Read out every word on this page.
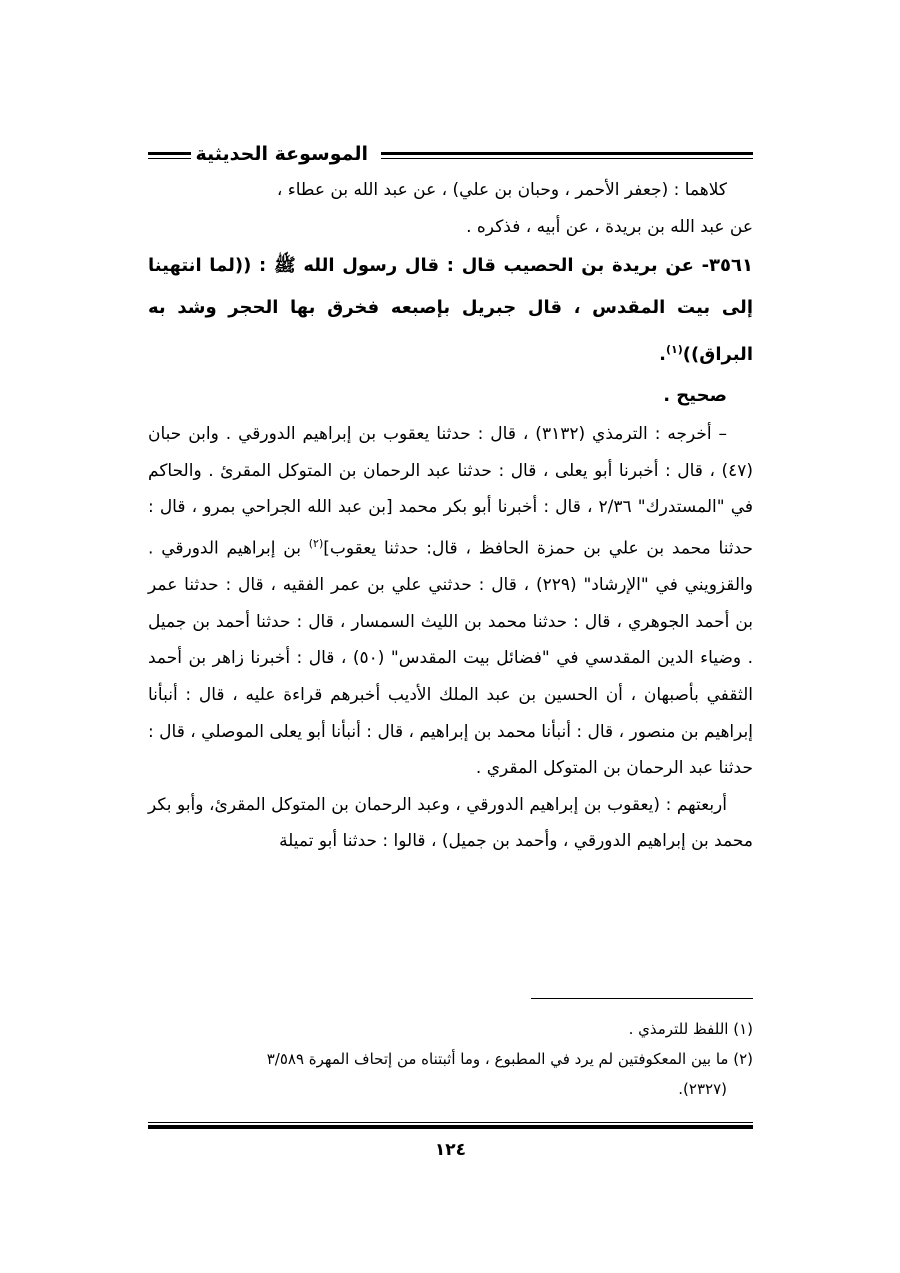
الموسوعة الحديثية

كلاهما : (جعفر الأحمر ، وحبان بن علي) ، عن عبد الله بن عطاء ،

عن عبد الله بن بريدة ، عن أبيه ، فذكره .

٣٥٦١- عن بريدة بن الحصيب قال : قال رسول الله ﷺ : ((لما انتهينا إلى بيت المقدس ، قال جبريل بإصبعه فخرق بها الحجر وشد به البراق))$^{(١)}$.

صحيح .

– أخرجه : الترمذي (٣١٣٢) ، قال : حدثنا يعقوب بن إبراهيم الدورقي . وابن حبان (٤٧) ، قال : أخبرنا أبو يعلى ، قال : حدثنا عبد الرحمان بن المتوكل المقرئ . والحاكم في "المستدرك" ٢/٣٦ ، قال : أخبرنا أبو بكر محمد [بن عبد الله الجراحي بمرو ، قال : حدثنا محمد بن علي بن حمزة الحافظ ، قال: حدثنا يعقوب]$^{(٢)}$ بن إبراهيم الدورقي . والقزويني في "الإرشاد" (٢٢٩) ، قال : حدثني علي بن عمر الفقيه ، قال : حدثنا عمر بن أحمد الجوهري ، قال : حدثنا محمد بن الليث السمسار ، قال : حدثنا أحمد بن جميل . وضياء الدين المقدسي في "فضائل بيت المقدس" (٥٠) ، قال : أخبرنا زاهر بن أحمد الثقفي بأصبهان ، أن الحسين بن عبد الملك الأديب أخبرهم قراءة عليه ، قال : أنبأنا إبراهيم بن منصور ، قال : أنبأنا محمد بن إبراهيم ، قال : أنبأنا أبو يعلى الموصلي ، قال : حدثنا عبد الرحمان بن المتوكل المقري .

أربعتهم : (يعقوب بن إبراهيم الدورقي ، وعبد الرحمان بن المتوكل المقرئ، وأبو بكر محمد بن إبراهيم الدورقي ، وأحمد بن جميل) ، قالوا : حدثنا أبو تميلة

(١) اللفظ للترمذي .

(٢) ما بين المعكوفتين لم يرد في المطبوع ، وما أثبتناه من إتحاف المهرة ٣/٥٨٩

(٢٣٢٧).

١٢٤
